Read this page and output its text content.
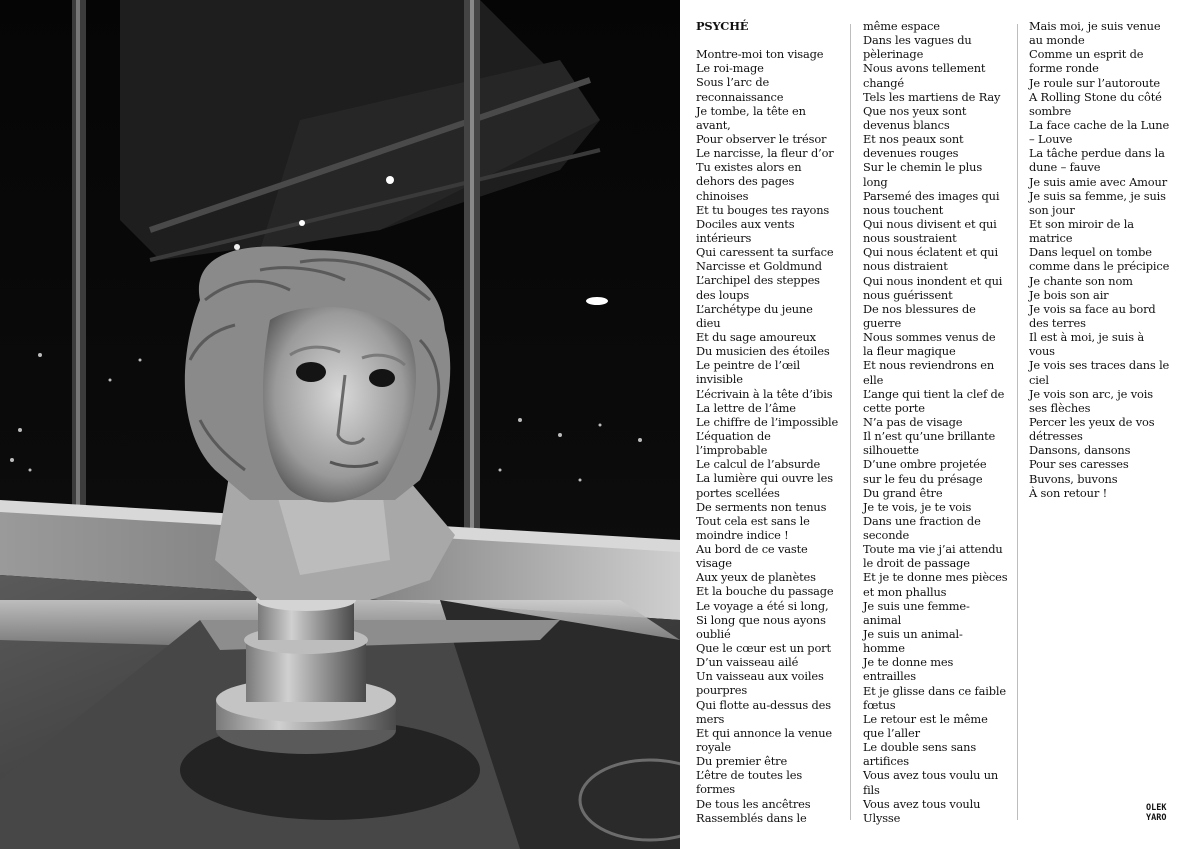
PSYCHÉ
Montre-moi ton visage
Le roi-mage
Sous l’arc de
reconnaissance
Je tombe, la tête en
avant,
Pour observer le trésor
Le narcisse, la fleur d’or
Tu existes alors en
dehors des pages
chinoises
Et tu bouges tes rayons
Dociles aux vents
intérieurs
Qui caressent ta surface
Narcisse et Goldmund
L’archipel des steppes
des loups
L’archétype du jeune
dieu
Et du sage amoureux
Du musicien des étoiles
Le peintre de l’œil
invisible
L’écrivain à la tête d’ibis
La lettre de l’âme
Le chiffre de l’impossible
L’équation de
l’improbable
Le calcul de l’absurde
La lumière qui ouvre les
portes scellées
De serments non tenus
Tout cela est sans le
moindre indice !
Au bord de ce vaste
visage
Aux yeux de planètes
Et la bouche du passage
Le voyage a été si long,
Si long que nous ayons
oublié
Que le cœur est un port
D’un vaisseau ailé
Un vaisseau aux voiles
pourpres
Qui flotte au-dessus des
mers
Et qui annonce la venue
royale
Du premier être
L’être de toutes les
formes
De tous les ancêtres
Rassemblés dans le
même espace
Dans les vagues du
pèlerinage
Nous avons tellement
changé
Tels les martiens de Ray
Que nos yeux sont
devenus blancs
Et nos peaux sont
devenues rouges
Sur le chemin le plus
long
Parsemé des images qui
nous touchent
Qui nous divisent et qui
nous soustraient
Qui nous éclatent et qui
nous distraient
Qui nous inondent et qui
nous guérissent
De nos blessures de
guerre
Nous sommes venus de
la fleur magique
Et nous reviendrons en
elle
L’ange qui tient la clef de
cette porte
N’a pas de visage
Il n’est qu’une brillante
silhouette
D’une ombre projetée
sur le feu du présage
Du grand être
Je te vois, je te vois
Dans une fraction de
seconde
Toute ma vie j’ai attendu
le droit de passage
Et je te donne mes pièces
et mon phallus
Je suis une femme-
animal
Je suis un animal-
homme
Je te donne mes
entrailles
Et je glisse dans ce faible
fœtus
Le retour est le même
que l’aller
Le double sens sans
artifices
Vous avez tous voulu un
fils
Vous avez tous voulu
Ulysse
Mais moi, je suis venue
au monde
Comme un esprit de
forme ronde
Je roule sur l’autoroute
A Rolling Stone du côté
sombre
La face cache de la Lune
– Louve
La tâche perdue dans la
dune – fauve
Je suis amie avec Amour
Je suis sa femme, je suis
son jour
Et son miroir de la
matrice
Dans lequel on tombe
comme dans le précipice
Je chante son nom
Je bois son air
Je vois sa face au bord
des terres
Il est à moi, je suis à
vous
Je vois ses traces dans le
ciel
Je vois son arc, je vois
ses flèches
Percer les yeux de vos
détresses
Dansons, dansons
Pour ses caresses
Buvons, buvons
À son retour !
OLEK
YARO
